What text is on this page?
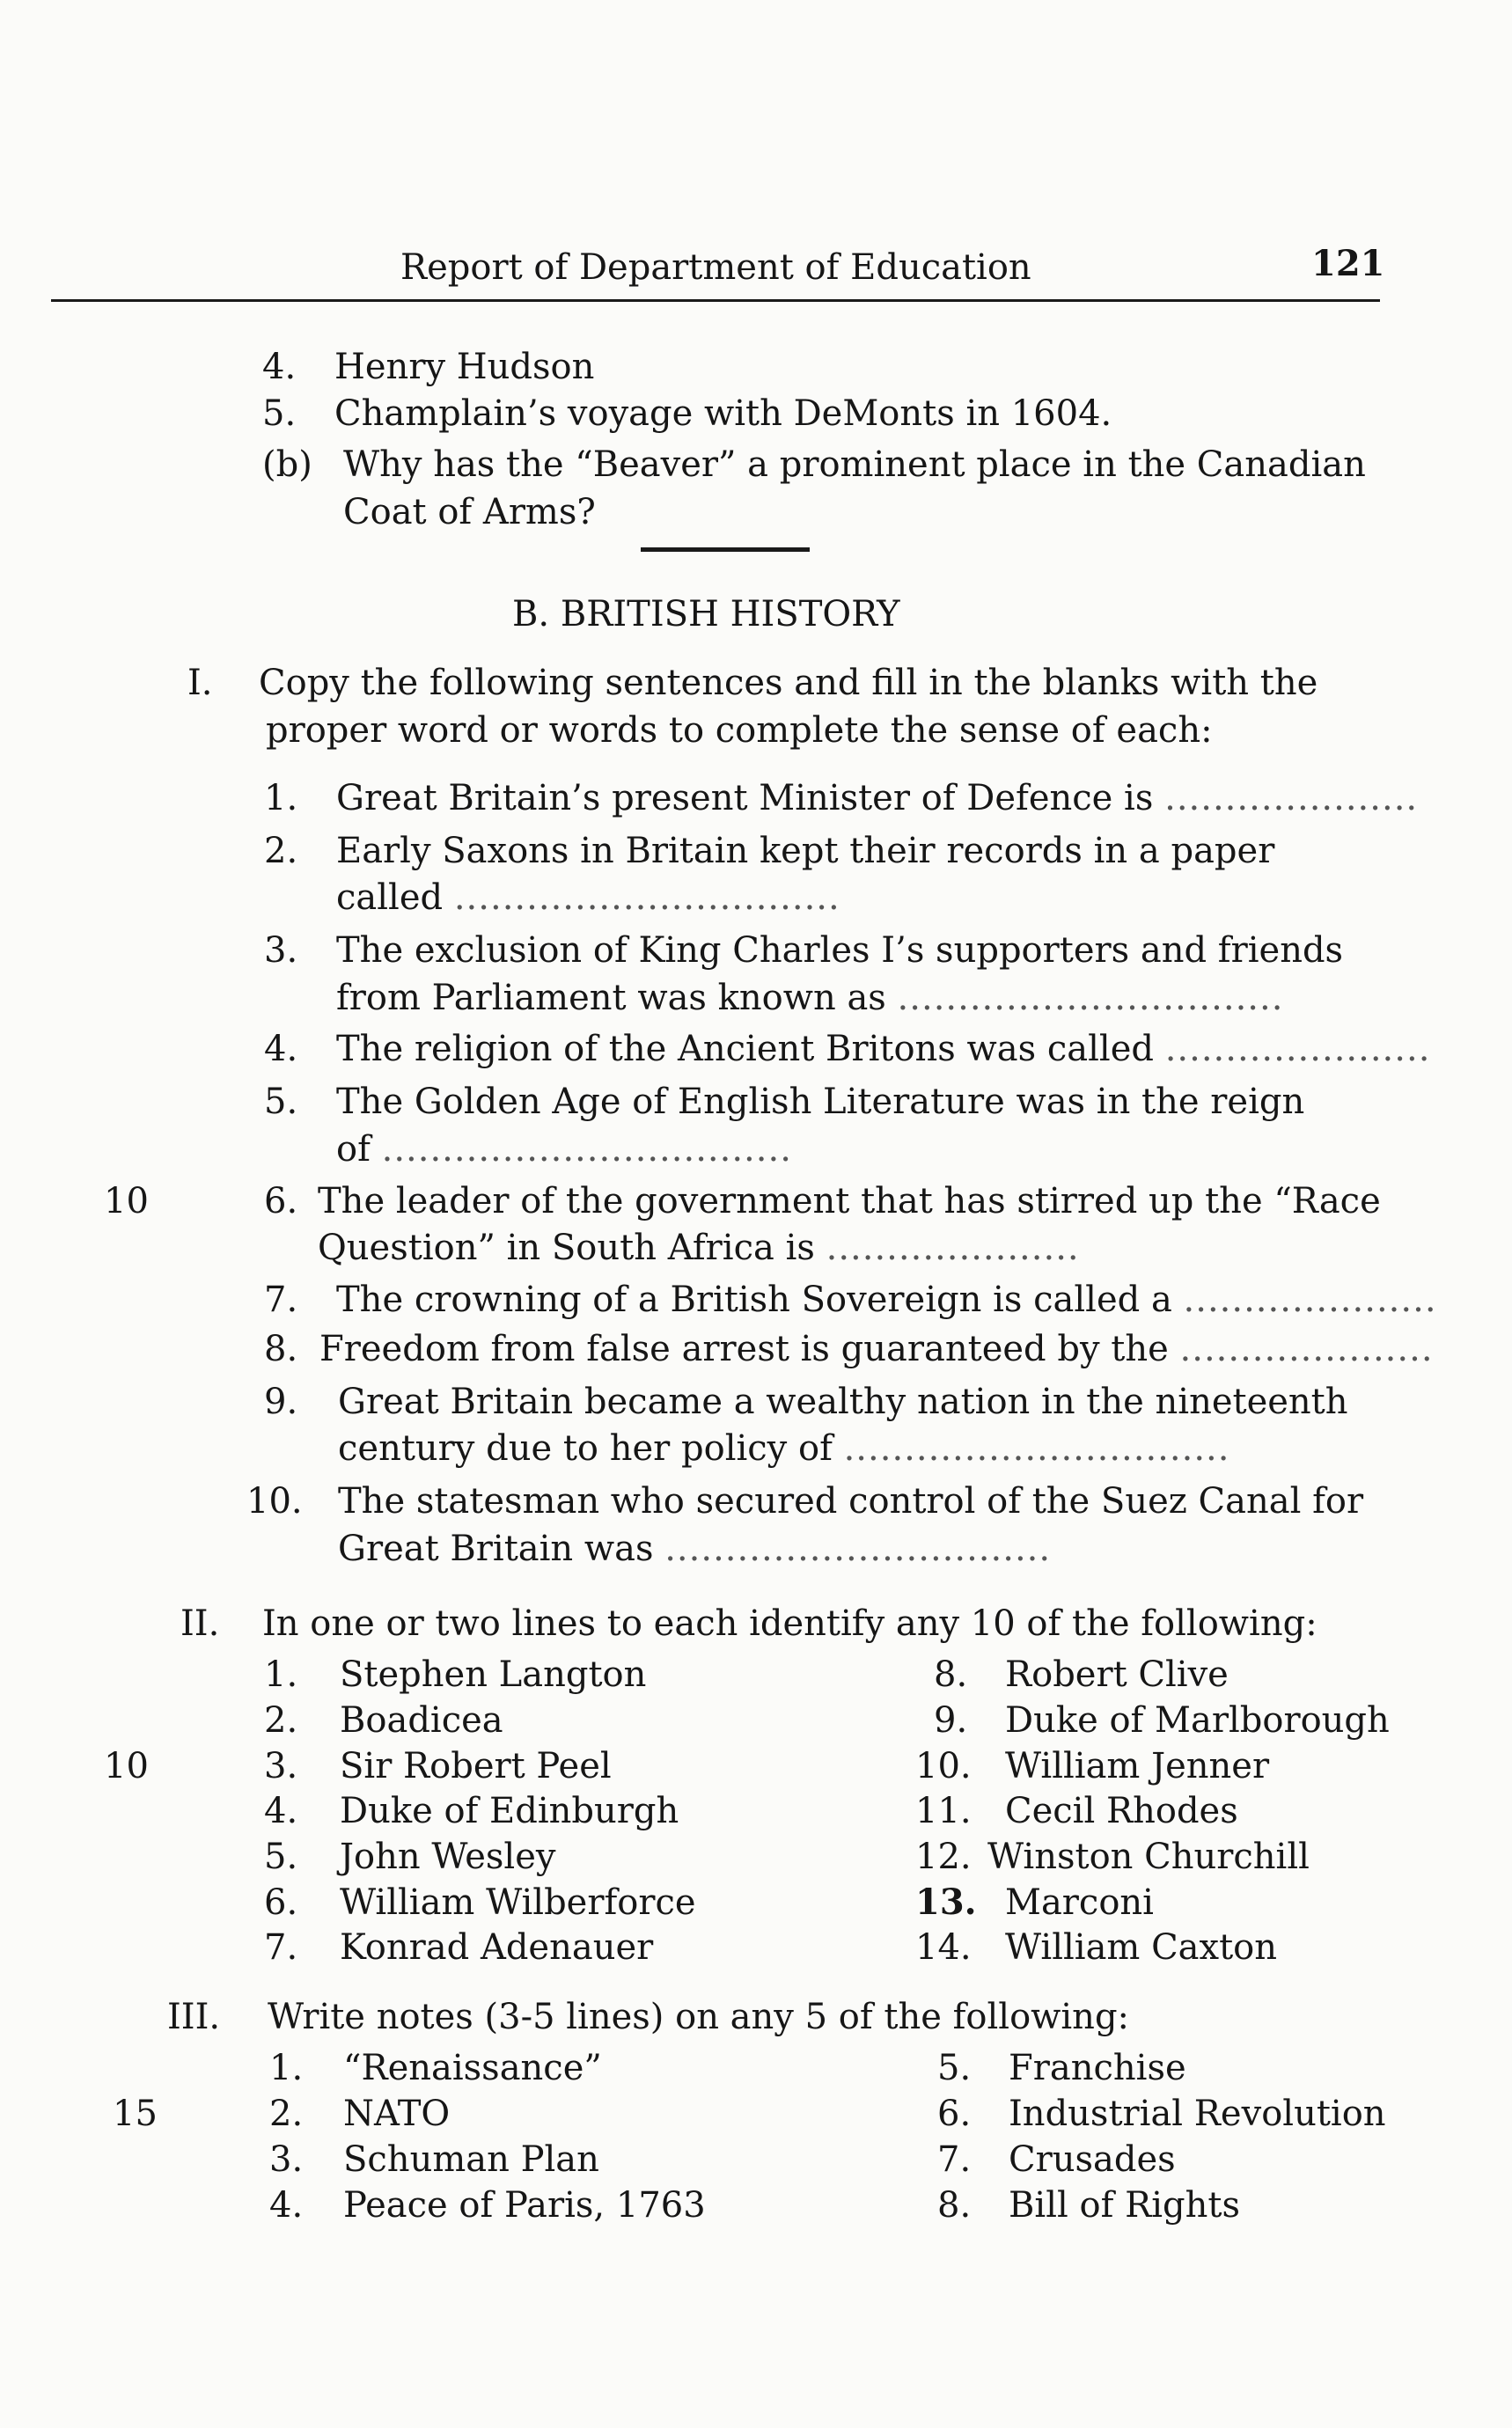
Report of Department of Education	121
4. Henry Hudson
5. Champlain’s voyage with DeMonts in 1604.
(b) Why has the “Beaver” a prominent place in the Canadian
Coat of Arms?
B. BRITISH HISTORY
I. Copy the following sentences and fill in the blanks with the
proper word or words to complete the sense of each:
1. Great Britain’s present Minister of Defence is .....................
2. Early Saxons in Britain kept their records in a paper
called ................................
3. The exclusion of King Charles I’s supporters and friends
from Parliament was known as ................................
4. The religion of the Ancient Britons was called ......................
5. The Golden Age of English Literature was in the reign
of ..................................
10	6. The leader of the government that has stirred up the “Race
Question” in South Africa is .....................
7. The crowning of a British Sovereign is called a .....................
8. Freedom from false arrest is guaranteed by the .....................
9. Great Britain became a wealthy nation in the nineteenth
century due to her policy of ................................
10. The statesman who secured control of the Suez Canal for
Great Britain was ................................
II. In one or two lines to each identify any 10 of the following:
1. Stephen Langton
2. Boadicea
10	3. Sir Robert Peel
4. Duke of Edinburgh
5. John Wesley
6. William Wilberforce
7. Konrad Adenauer
8. Robert Clive
9. Duke of Marlborough
10. William Jenner
11. Cecil Rhodes
12. Winston Churchill
13. Marconi
14. William Caxton
III. Write notes (3-5 lines) on any 5 of the following:
1. “Renaissance”
15	2. NATO
3. Schuman Plan
4. Peace of Paris, 1763
5. Franchise
6. Industrial Revolution
7. Crusades
8. Bill of Rights
